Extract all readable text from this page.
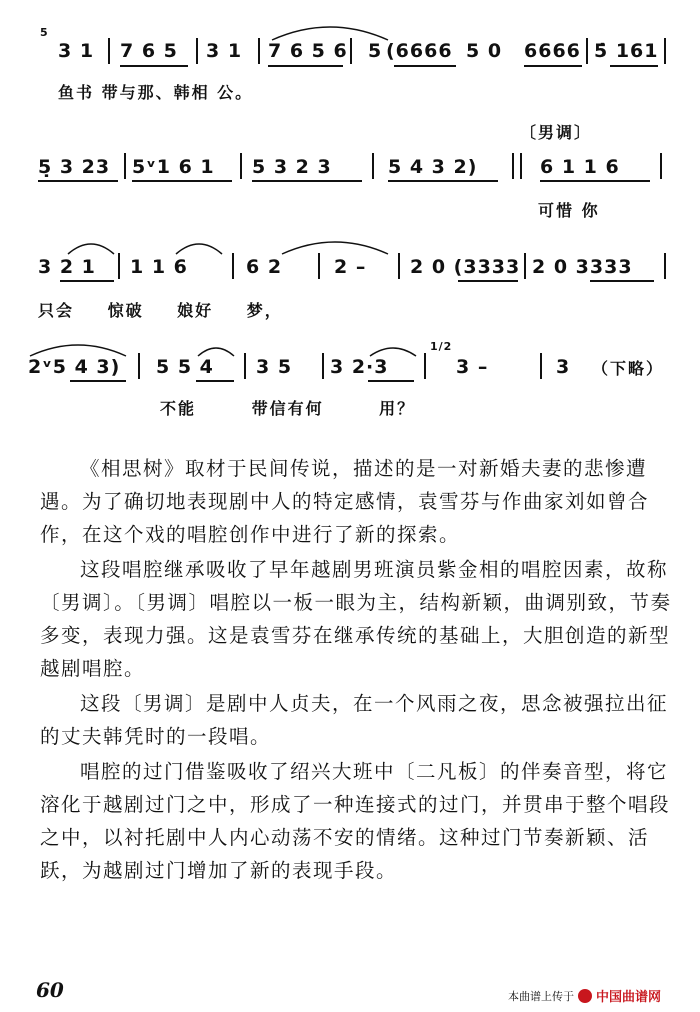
5
3 1 7 6 5 3 1 7 6 5 6 5 (6666 5 0 6666 5̇ 161
鱼书 带与那、韩相 公。
〔男调〕
5̣ 3 23 5ᵛ1 6 1 5 3 2 3	5 4 3 2)	6 1 1 6
可惜 你
3 2 1 1 1 6	6 2	2 – 2 0 (3333 2 0 3333
只会 惊破 娘好 梦，
1/2
2ᵛ5 4 3) 5 5 4 3 5 3 2·3	3 –	3 （下略）
不能 带信有何 用？

《相思树》取材于民间传说，描述的是一对新婚夫妻的悲惨遭遇。为了确切地表现剧中人的特定感情，袁雪芬与作曲家刘如曾合作，在这个戏的唱腔创作中进行了新的探索。

这段唱腔继承吸收了早年越剧男班演员紫金相的唱腔因素，故称〔男调〕。〔男调〕唱腔以一板一眼为主，结构新颖，曲调别致，节奏多变，表现力强。这是袁雪芬在继承传统的基础上，大胆创造的新型越剧唱腔。

这段〔男调〕是剧中人贞夫，在一个风雨之夜，思念被强拉出征的丈夫韩凭时的一段唱。

唱腔的过门借鉴吸收了绍兴大班中〔二凡板〕的伴奏音型，将它溶化于越剧过门之中，形成了一种连接式的过门，并贯串于整个唱段之中，以衬托剧中人内心动荡不安的情绪。这种过门节奏新颖、活跃，为越剧过门增加了新的表现手段。

60	本曲谱上传于 中国曲谱网
